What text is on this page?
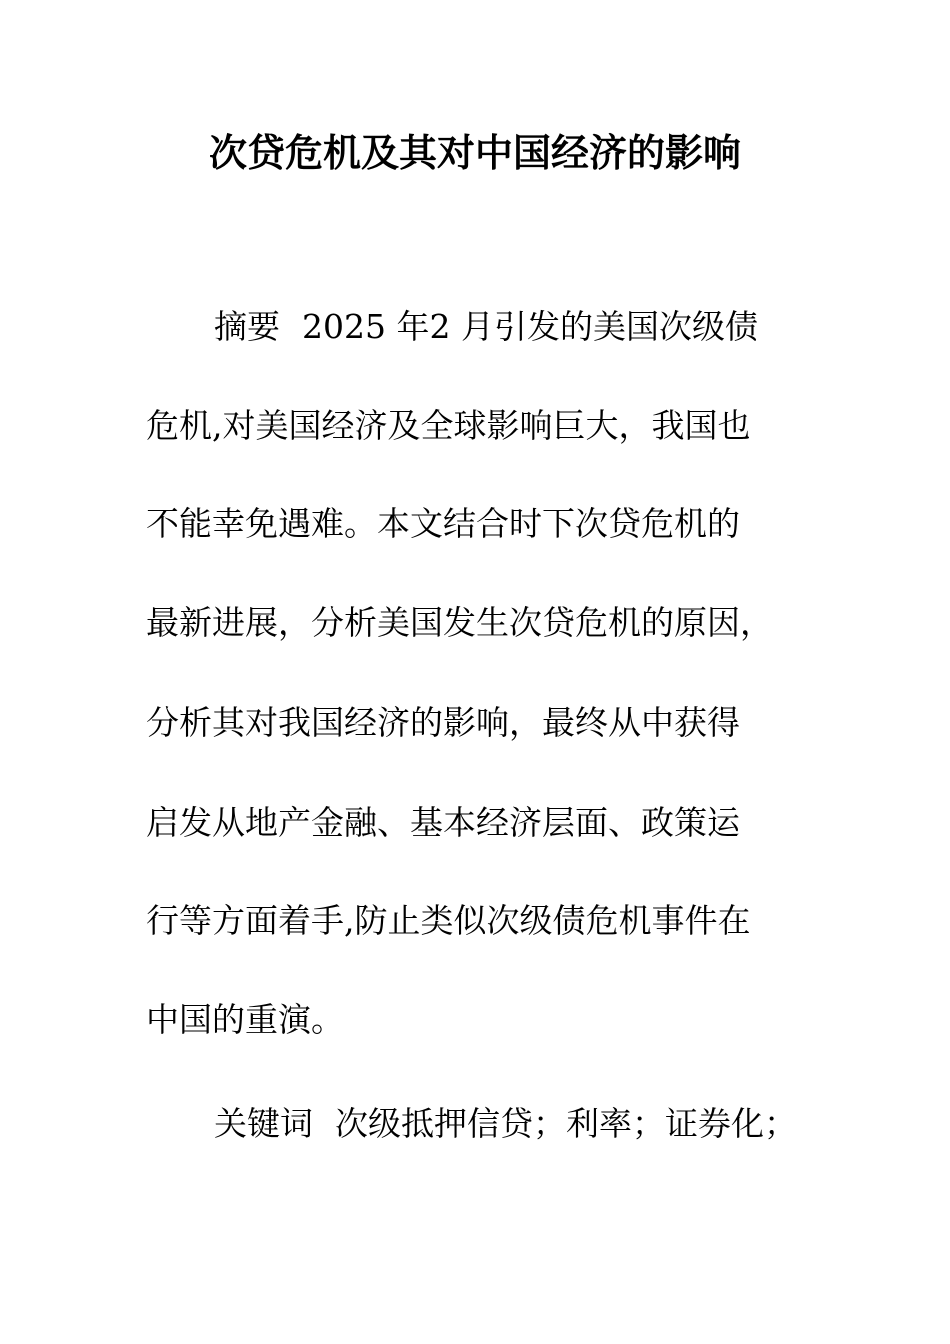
次贷危机及其对中国经济的影响
摘要 2025 年2 月引发的美国次级债
危机,对美国经济及全球影响巨大，我国也
不能幸免遇难。本文结合时下次贷危机的
最新进展，分析美国发生次贷危机的原因，
分析其对我国经济的影响，最终从中获得
启发从地产金融、基本经济层面、政策运
行等方面着手,防止类似次级债危机事件在
中国的重演。
关键词 次级抵押信贷；利率；证券化；
